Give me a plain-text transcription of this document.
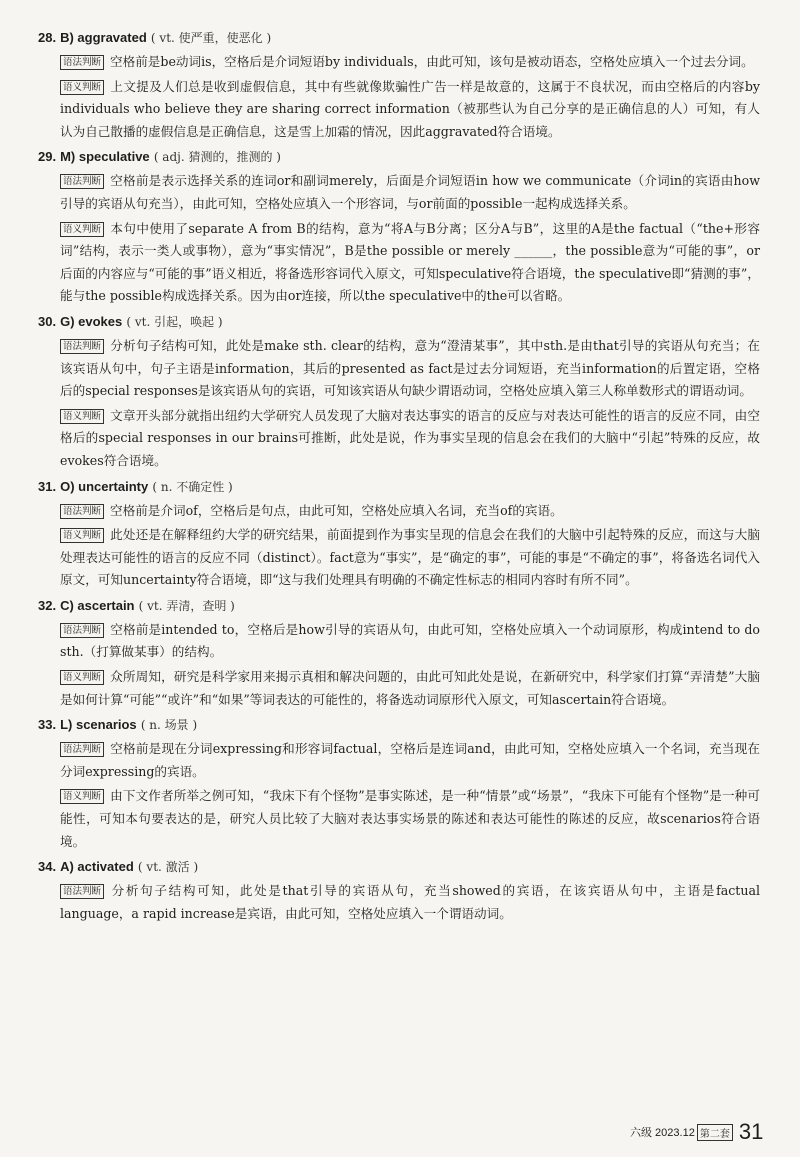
28. B) aggravated ( vt. 使严重，使恶化 )
语法判断 空格前是be动词is，空格后是介词短语by individuals，由此可知，该句是被动语态，空格处应填入一个过去分词。
语义判断 上文提及人们总是收到虚假信息，其中有些就像欺骗性广告一样是故意的，这属于不良状况，而由空格后的内容by individuals who believe they are sharing correct information（被那些认为自己分享的是正确信息的人）可知，有人认为自己散播的虚假信息是正确信息，这是雪上加霜的情况，因此aggravated符合语境。
29. M) speculative ( adj. 猜测的，推测的 )
语法判断 空格前是表示选择关系的连词or和副词merely，后面是介词短语in how we communicate（介词in的宾语由how引导的宾语从句充当），由此可知，空格处应填入一个形容词，与or前面的possible一起构成选择关系。
语义判断 本句中使用了separate A from B的结构，意为“将A与B分离；区分A与B”，这里的A是the factual（“the+形容词”结构，表示一类人或事物），意为“事实情况”，B是the possible or merely ______，the possible意为“可能的事”，or后面的内容应与“可能的事”语义相近，将备选形容词代入原文，可知speculative符合语境，the speculative即“猜测的事”，能与the possible构成选择关系。因为由or连接，所以the speculative中的the可以省略。
30. G) evokes ( vt. 引起，唤起 )
语法判断 分析句子结构可知，此处是make sth. clear的结构，意为“澄清某事”，其中sth.是由that引导的宾语从句充当；在该宾语从句中，句子主语是information，其后的presented as fact是过去分词短语，充当information的后置定语，空格后的special responses是该宾语从句的宾语，可知该宾语从句缺少谓语动词，空格处应填入第三人称单数形式的谓语动词。
语义判断 文章开头部分就指出纽约大学研究人员发现了大脑对表达事实的语言的反应与对表达可能性的语言的反应不同，由空格后的special responses in our brains可推断，此处是说，作为事实呈现的信息会在我们的大脑中“引起”特殊的反应，故evokes符合语境。
31. O) uncertainty ( n. 不确定性 )
语法判断 空格前是介词of，空格后是句点，由此可知，空格处应填入名词，充当of的宾语。
语义判断 此处还是在解释纽约大学的研究结果，前面提到作为事实呈现的信息会在我们的大脑中引起特殊的反应，而这与大脑处理表达可能性的语言的反应不同（distinct）。fact意为“事实”，是“确定的事”，可能的事是“不确定的事”，将备选名词代入原文，可知uncertainty符合语境，即“这与我们处理具有明确的不确定性标志的相同内容时有所不同”。
32. C) ascertain ( vt. 弄清，查明 )
语法判断 空格前是intended to，空格后是how引导的宾语从句，由此可知，空格处应填入一个动词原形，构成intend to do sth.（打算做某事）的结构。
语义判断 众所周知，研究是科学家用来揭示真相和解决问题的，由此可知此处是说，在新研究中，科学家们打算“弄清楚”大脑是如何计算“可能”“或许”和“如果”等词表达的可能性的，将备选动词原形代入原文，可知ascertain符合语境。
33. L) scenarios ( n. 场景 )
语法判断 空格前是现在分词expressing和形容词factual，空格后是连词and，由此可知，空格处应填入一个名词，充当现在分词expressing的宾语。
语义判断 由下文作者所举之例可知，“我床下有个怪物”是事实陈述，是一种“情景”或“场景”，“我床下可能有个怪物”是一种可能性，可知本句要表达的是，研究人员比较了大脑对表达事实场景的陈述和表达可能性的陈述的反应，故scenarios符合语境。
34. A) activated ( vt. 激活 )
语法判断 分析句子结构可知，此处是that引导的宾语从句，充当showed的宾语，在该宾语从句中，主语是factual language，a rapid increase是宾语，由此可知，空格处应填入一个谓语动词。
六级 2023.12 第二套 31
